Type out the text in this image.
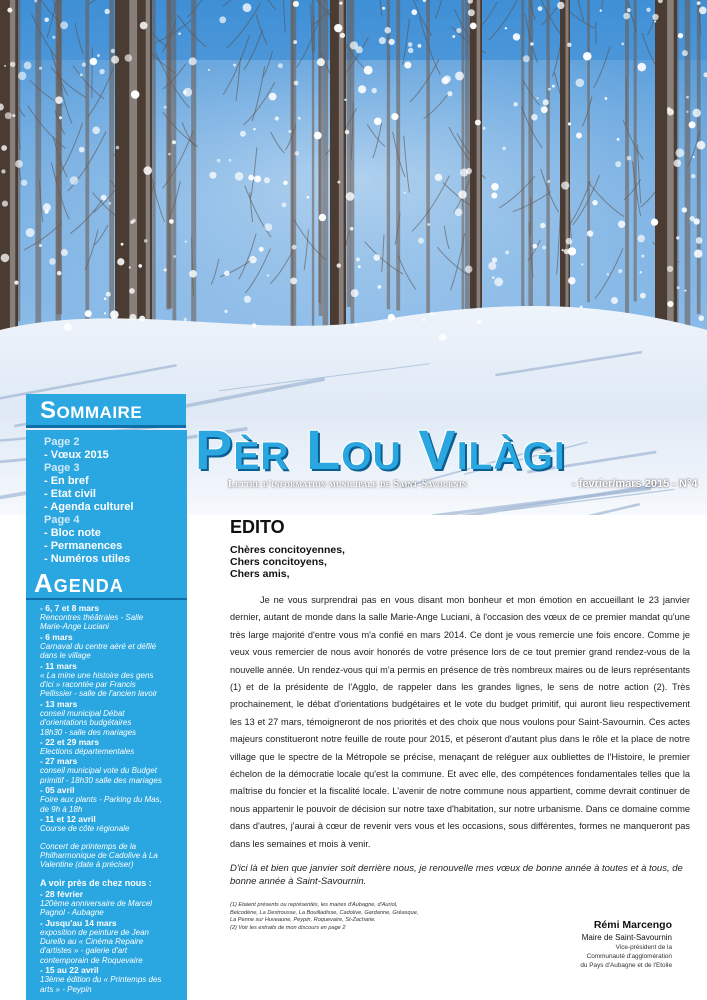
Sommaire
Pèr Lou Vilàgi
Lettre d'information municipale de Saint-Savournin	- fevrier/mars 2015 - N°4
Page 2
- Vœux 2015
Page 3
- En bref
- Etat civil
- Agenda culturel
Page 4
- Bloc note
- Permanences
- Numéros utiles
Agenda
- 6, 7 et 8 mars
Rencontres théâtrales - Salle
Marie-Ange Luciani
- 6 mars
Carnaval du centre aéré et défilé
dans le village
- 11 mars
« La mine une histoire des gens
d'ici » racontée par Francis
Pellissier - salle de l'ancien lavoir
- 13 mars
conseil municipal Débat
d'orientations budgétaires
18h30 - salle des mariages
- 22 et 29 mars
Elections départementales
- 27 mars
conseil municipal vote du Budget
primitif - 18h30 salle des mariages
- 05 avril
Foire aux plants - Parking du Mas,
de 9h à 18h
- 11 et 12 avril
Course de côte régionale
Concert de printemps de la
Philharmonique de Cadolive à La
Valentine (date à préciser)
A voir près de chez nous :
- 28 février
120ème anniversaire de Marcel
Pagnol - Aubagne
- Jusqu'au 14 mars
exposition de peinture de Jean
Durello au « Cinéma Repaire
d'artistes » - galerie d'art
contemporain de Roquevaire
- 15 au 22 avril
13ème édition du « Printemps des
arts » - Peypin
EDITO
Chères concitoyennes,
Chers concitoyens,
Chers amis,

Je ne vous surprendrai pas en vous disant mon bonheur et mon émotion en accueillant le 23 janvier dernier, autant de monde dans la salle Marie-Ange Luciani, à l'occasion des vœux de ce premier mandat qu'une très large majorité d'entre vous m'a confié en mars 2014. Ce dont je vous remercie une fois encore. Comme je veux vous remercier de nous avoir honorés de votre présence lors de ce tout premier grand rendez-vous de la nouvelle année. Un rendez-vous qui m'a permis en présence de très nombreux maires ou de leurs représentants (1) et de la présidente de l'Agglo, de rappeler dans les grandes lignes, le sens de notre action (2). Très prochainement, le débat d'orientations budgétaires et le vote du budget primitif, qui auront lieu respectivement les 13 et 27 mars, témoigneront de nos priorités et des choix que nous voulons pour Saint-Savournin. Ces actes majeurs constitueront notre feuille de route pour 2015, et péseront d'autant plus dans le rôle et la place de notre village que le spectre de la Métropole se précise, menaçant de reléguer aux oubliettes de l'Histoire, le premier échelon de la démocratie locale qu'est la commune. Et avec elle, des compétences fondamentales telles que la maîtrise du foncier et la fiscalité locale. L'avenir de notre commune nous appartient, comme devrait continuer de nous appartenir le pouvoir de décision sur notre taxe d'habitation, sur notre urbanisme. Dans ce domaine comme dans d'autres, j'aurai à cœur de revenir vers vous et les occasions, sous différentes, formes ne manqueront pas dans les semaines et mois à venir.

D'ici là et bien que janvier soit derrière nous, je renouvelle mes vœux de bonne année à toutes et à tous, de bonne année à Saint-Savournin.
(1) Etaient présents ou représentés, les maires d'Aubagne, d'Auriol,
Belcodène, La Destrousse, La Bouilladisse, Cadolive, Gardanne, Gréasque,
La Penne sur Huveaune, Peypin, Roquevaire, St-Zacharie.
(2) Voir les extraits de mon discours en page 2	Rémi Marcengo
Maire de Saint-Savournin
Vice-président de la
Communauté d'agglomération
du Pays d'Aubagne et de l'Etoile
